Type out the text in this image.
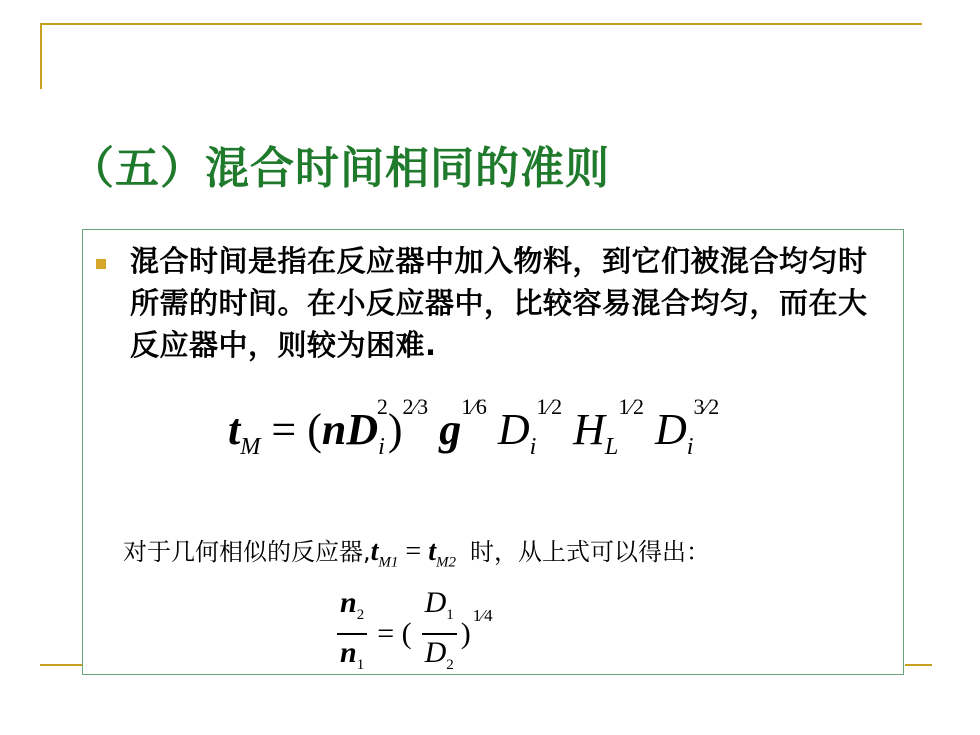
（五）混合时间相同的准则
混合时间是指在反应器中加入物料，到它们被混合均匀时所需的时间。在小反应器中，比较容易混合均匀，而在大反应器中，则较为困难.
$t_M = (nD_i^2)^{2⁄3}$ $g^{1⁄6}$ $D_i^{1⁄2}$ $H_L^{1⁄2}$ $D_i^{3⁄2}$
对于几何相似的反应器$,t_{M1} = t_{M2}$ 时，从上式可以得出：
$\frac{n_2}{n_1}$ = ( $\frac{D_1}{D_2}$ )
1⁄4
